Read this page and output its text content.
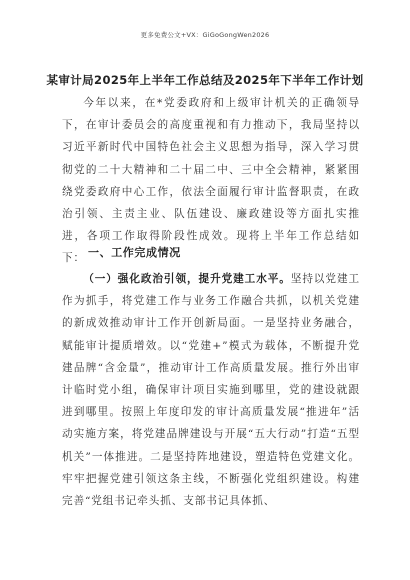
更多免费公文+VX：GiGoGongWen2026
某审计局2025年上半年工作总结及2025年下半年工作计划

今年以来，在*党委政府和上级审计机关的正确领导下，在审计委员会的高度重视和有力推动下，我局坚持以习近平新时代中国特色社会主义思想为指导，深入学习贯彻党的二十大精神和二十届二中、三中全会精神，紧紧围绕党委政府中心工作，依法全面履行审计监督职责，在政治引领、主责主业、队伍建设、廉政建设等方面扎实推进，各项工作取得阶段性成效。现将上半年工作总结如下： 一、工作完成情况

（一）强化政治引领，提升党建工水平。坚持以党建工作为抓手，将党建工作与业务工作融合共抓，以机关党建的新成效推动审计工作开创新局面。一是坚持业务融合，赋能审计提质增效。以“党建+”模式为载体，不断提升党建品牌“含金量”，推动审计工作高质量发展。推行外出审计临时党小组，确保审计项目实施到哪里，党的建设就跟进到哪里。按照上年度印发的审计高质量发展“推进年”活动实施方案，将党建品牌建设与开展“五大行动”打造“五型机关”一体推进。二是坚持阵地建设，塑造特色党建文化。牢牢把握党建引领这条主线，不断强化党组织建设。构建完善“党组书记牵头抓、支部书记具体抓、
